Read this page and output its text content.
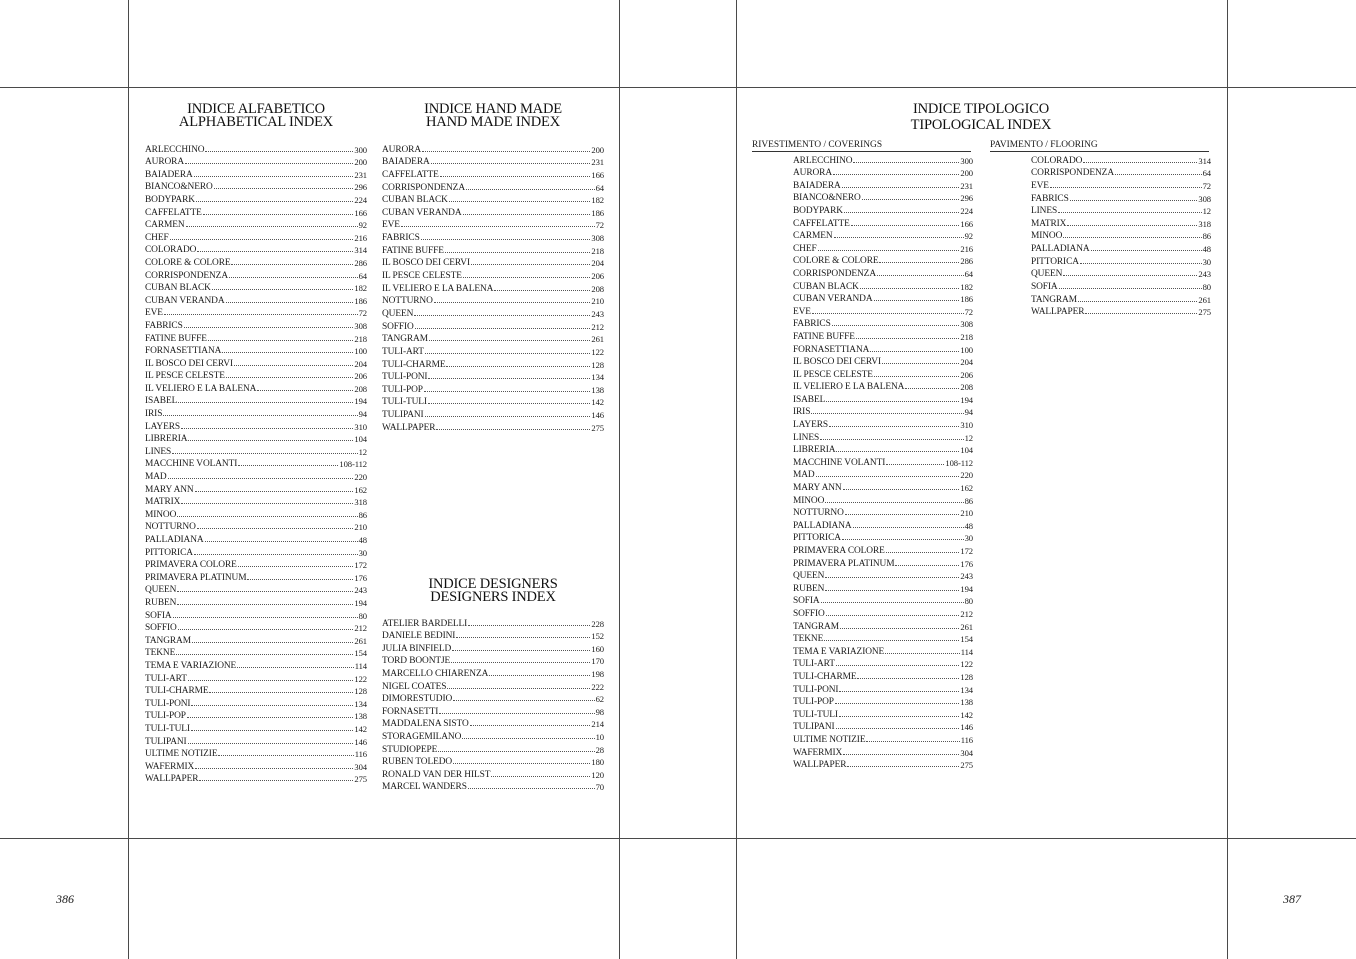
INDICE ALFABETICO
ALPHABETICAL INDEX
ARLECCHINO	300
AURORA	200
BAIADERA	231
BIANCO&NERO	296
BODYPARK	224
CAFFELATTE	166
CARMEN	92
CHEF	216
COLORADO	314
COLORE & COLORE	286
CORRISPONDENZA	64
CUBAN BLACK	182
CUBAN VERANDA	186
EVE	72
FABRICS	308
FATINE BUFFE	218
FORNASETTIANA	100
IL BOSCO DEI CERVI	204
IL PESCE CELESTE	206
IL VELIERO E LA BALENA	208
ISABEL	194
IRIS	94
LAYERS	310
LIBRERIA	104
LINES	12
MACCHINE VOLANTI	108-112
MAD	220
MARY ANN	162
MATRIX	318
MINOO	86
NOTTURNO	210
PALLADIANA	48
PITTORICA	30
PRIMAVERA COLORE	172
PRIMAVERA PLATINUM	176
QUEEN	243
RUBEN	194
SOFIA	80
SOFFIO	212
TANGRAM	261
TEKNE	154
TEMA E VARIAZIONE	114
TULI-ART	122
TULI-CHARME	128
TULI-PONI	134
TULI-POP	138
TULI-TULI	142
TULIPANI	146
ULTIME NOTIZIE	116
WAFERMIX	304
WALLPAPER	275
INDICE HAND MADE
HAND MADE INDEX
AURORA	200
BAIADERA	231
CAFFELATTE	166
CORRISPONDENZA	64
CUBAN BLACK	182
CUBAN VERANDA	186
EVE	72
FABRICS	308
FATINE BUFFE	218
IL BOSCO DEI CERVI	204
IL PESCE CELESTE	206
IL VELIERO E LA BALENA	208
NOTTURNO	210
QUEEN	243
SOFFIO	212
TANGRAM	261
TULI-ART	122
TULI-CHARME	128
TULI-PONI	134
TULI-POP	138
TULI-TULI	142
TULIPANI	146
WALLPAPER	275
INDICE DESIGNERS
DESIGNERS INDEX
ATELIER BARDELLI	228
DANIELE BEDINI	152
JULIA BINFIELD	160
TORD BOONTJE	170
MARCELLO CHIARENZA	198
NIGEL COATES	222
DIMORESTUDIO	62
FORNASETTI	98
MADDALENA SISTO	214
STORAGEMILANO	10
STUDIOPEPE	28
RUBEN TOLEDO	180
RONALD VAN DER HILST	120
MARCEL WANDERS	70
INDICE TIPOLOGICO
TIPOLOGICAL INDEX
RIVESTIMENTO / COVERINGS
ARLECCHINO	300
AURORA	200
BAIADERA	231
BIANCO&NERO	296
BODYPARK	224
CAFFELATTE	166
CARMEN	92
CHEF	216
COLORE & COLORE	286
CORRISPONDENZA	64
CUBAN BLACK	182
CUBAN VERANDA	186
EVE	72
FABRICS	308
FATINE BUFFE	218
FORNASETTIANA	100
IL BOSCO DEI CERVI	204
IL PESCE CELESTE	206
IL VELIERO E LA BALENA	208
ISABEL	194
IRIS	94
LAYERS	310
LINES	12
LIBRERIA	104
MACCHINE VOLANTI	108-112
MAD	220
MARY ANN	162
MINOO	86
NOTTURNO	210
PALLADIANA	48
PITTORICA	30
PRIMAVERA COLORE	172
PRIMAVERA PLATINUM	176
QUEEN	243
RUBEN	194
SOFIA	80
SOFFIO	212
TANGRAM	261
TEKNE	154
TEMA E VARIAZIONE	114
TULI-ART	122
TULI-CHARME	128
TULI-PONI	134
TULI-POP	138
TULI-TULI	142
TULIPANI	146
ULTIME NOTIZIE	116
WAFERMIX	304
WALLPAPER	275
PAVIMENTO / FLOORING
COLORADO	314
CORRISPONDENZA	64
EVE	72
FABRICS	308
LINES	12
MATRIX	318
MINOO	86
PALLADIANA	48
PITTORICA	30
QUEEN	243
SOFIA	80
TANGRAM	261
WALLPAPER	275
386	387
